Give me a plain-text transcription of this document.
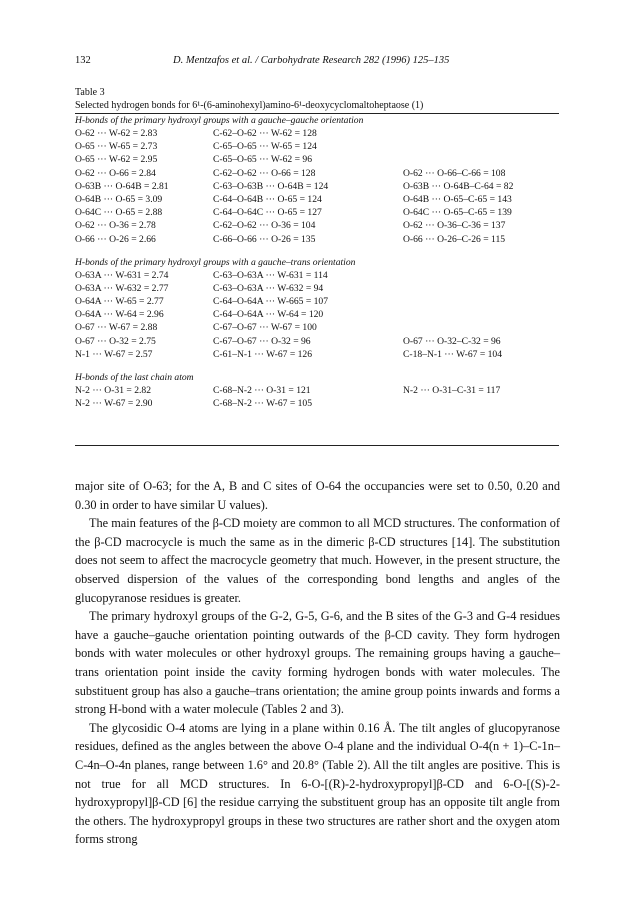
132	D. Mentzafos et al. / Carbohydrate Research 282 (1996) 125–135
Table 3
Selected hydrogen bonds for 6¹-(6-aminohexyl)amino-6¹-deoxycyclomaltoheptaose (1)
H-bonds of the primary hydroxyl groups with a gauche–gauche orientation
O-62 ··· W-62 = 2.83	C-62–O-62 ··· W-62 = 128
O-65 ··· W-65 = 2.73	C-65–O-65 ··· W-65 = 124
O-65 ··· W-62 = 2.95	C-65–O-65 ··· W-62 = 96
O-62 ··· O-66 = 2.84	C-62–O-62 ··· O-66 = 128	O-62 ··· O-66–C-66 = 108
O-63B ··· O-64B = 2.81	C-63–O-63B ··· O-64B = 124	O-63B ··· O-64B–C-64 = 82
O-64B ··· O-65 = 3.09	C-64–O-64B ··· O-65 = 124	O-64B ··· O-65–C-65 = 143
O-64C ··· O-65 = 2.88	C-64–O-64C ··· O-65 = 127	O-64C ··· O-65–C-65 = 139
O-62 ··· O-36 = 2.78	C-62–O-62 ··· O-36 = 104	O-62 ··· O-36–C-36 = 137
O-66 ··· O-26 = 2.66	C-66–O-66 ··· O-26 = 135	O-66 ··· O-26–C-26 = 115
H-bonds of the primary hydroxyl groups with a gauche–trans orientation
O-63A ··· W-631 = 2.74	C-63–O-63A ··· W-631 = 114
O-63A ··· W-632 = 2.77	C-63–O-63A ··· W-632 = 94
O-64A ··· W-65 = 2.77	C-64–O-64A ··· W-665 = 107
O-64A ··· W-64 = 2.96	C-64–O-64A ··· W-64 = 120
O-67 ··· W-67 = 2.88	C-67–O-67 ··· W-67 = 100
O-67 ··· O-32 = 2.75	C-67–O-67 ··· O-32 = 96	O-67 ··· O-32–C-32 = 96
N-1 ··· W-67 = 2.57	C-61–N-1 ··· W-67 = 126	C-18–N-1 ··· W-67 = 104
H-bonds of the last chain atom
N-2 ··· O-31 = 2.82	C-68–N-2 ··· O-31 = 121	N-2 ··· O-31–C-31 = 117
N-2 ··· W-67 = 2.90	C-68–N-2 ··· W-67 = 105

major site of O-63; for the A, B and C sites of O-64 the occupancies were set to 0.50, 0.20 and 0.30 in order to have similar U values).

The main features of the β-CD moiety are common to all MCD structures. The conformation of the β-CD macrocycle is much the same as in the dimeric β-CD structures [14]. The substitution does not seem to affect the macrocycle geometry that much. However, in the present structure, the observed dispersion of the values of the corresponding bond lengths and angles of the glucopyranose residues is greater.

The primary hydroxyl groups of the G-2, G-5, G-6, and the B sites of the G-3 and G-4 residues have a gauche–gauche orientation pointing outwards of the β-CD cavity. They form hydrogen bonds with water molecules or other hydroxyl groups. The remaining groups having a gauche–trans orientation point inside the cavity forming hydrogen bonds with water molecules. The substituent group has also a gauche–trans orientation; the amine group points inwards and forms a strong H-bond with a water molecule (Tables 2 and 3).

The glycosidic O-4 atoms are lying in a plane within 0.16 Å. The tilt angles of glucopyranose residues, defined as the angles between the above O-4 plane and the individual O-4(n + 1)–C-1n–C-4n–O-4n planes, range between 1.6° and 20.8° (Table 2). All the tilt angles are positive. This is not true for all MCD structures. In 6-O-[(R)-2-hydroxypropyl]β-CD and 6-O-[(S)-2-hydroxypropyl]β-CD [6] the residue carrying the substituent group has an opposite tilt angle from the others. The hydroxypropyl groups in these two structures are rather short and the oxygen atom forms strong
